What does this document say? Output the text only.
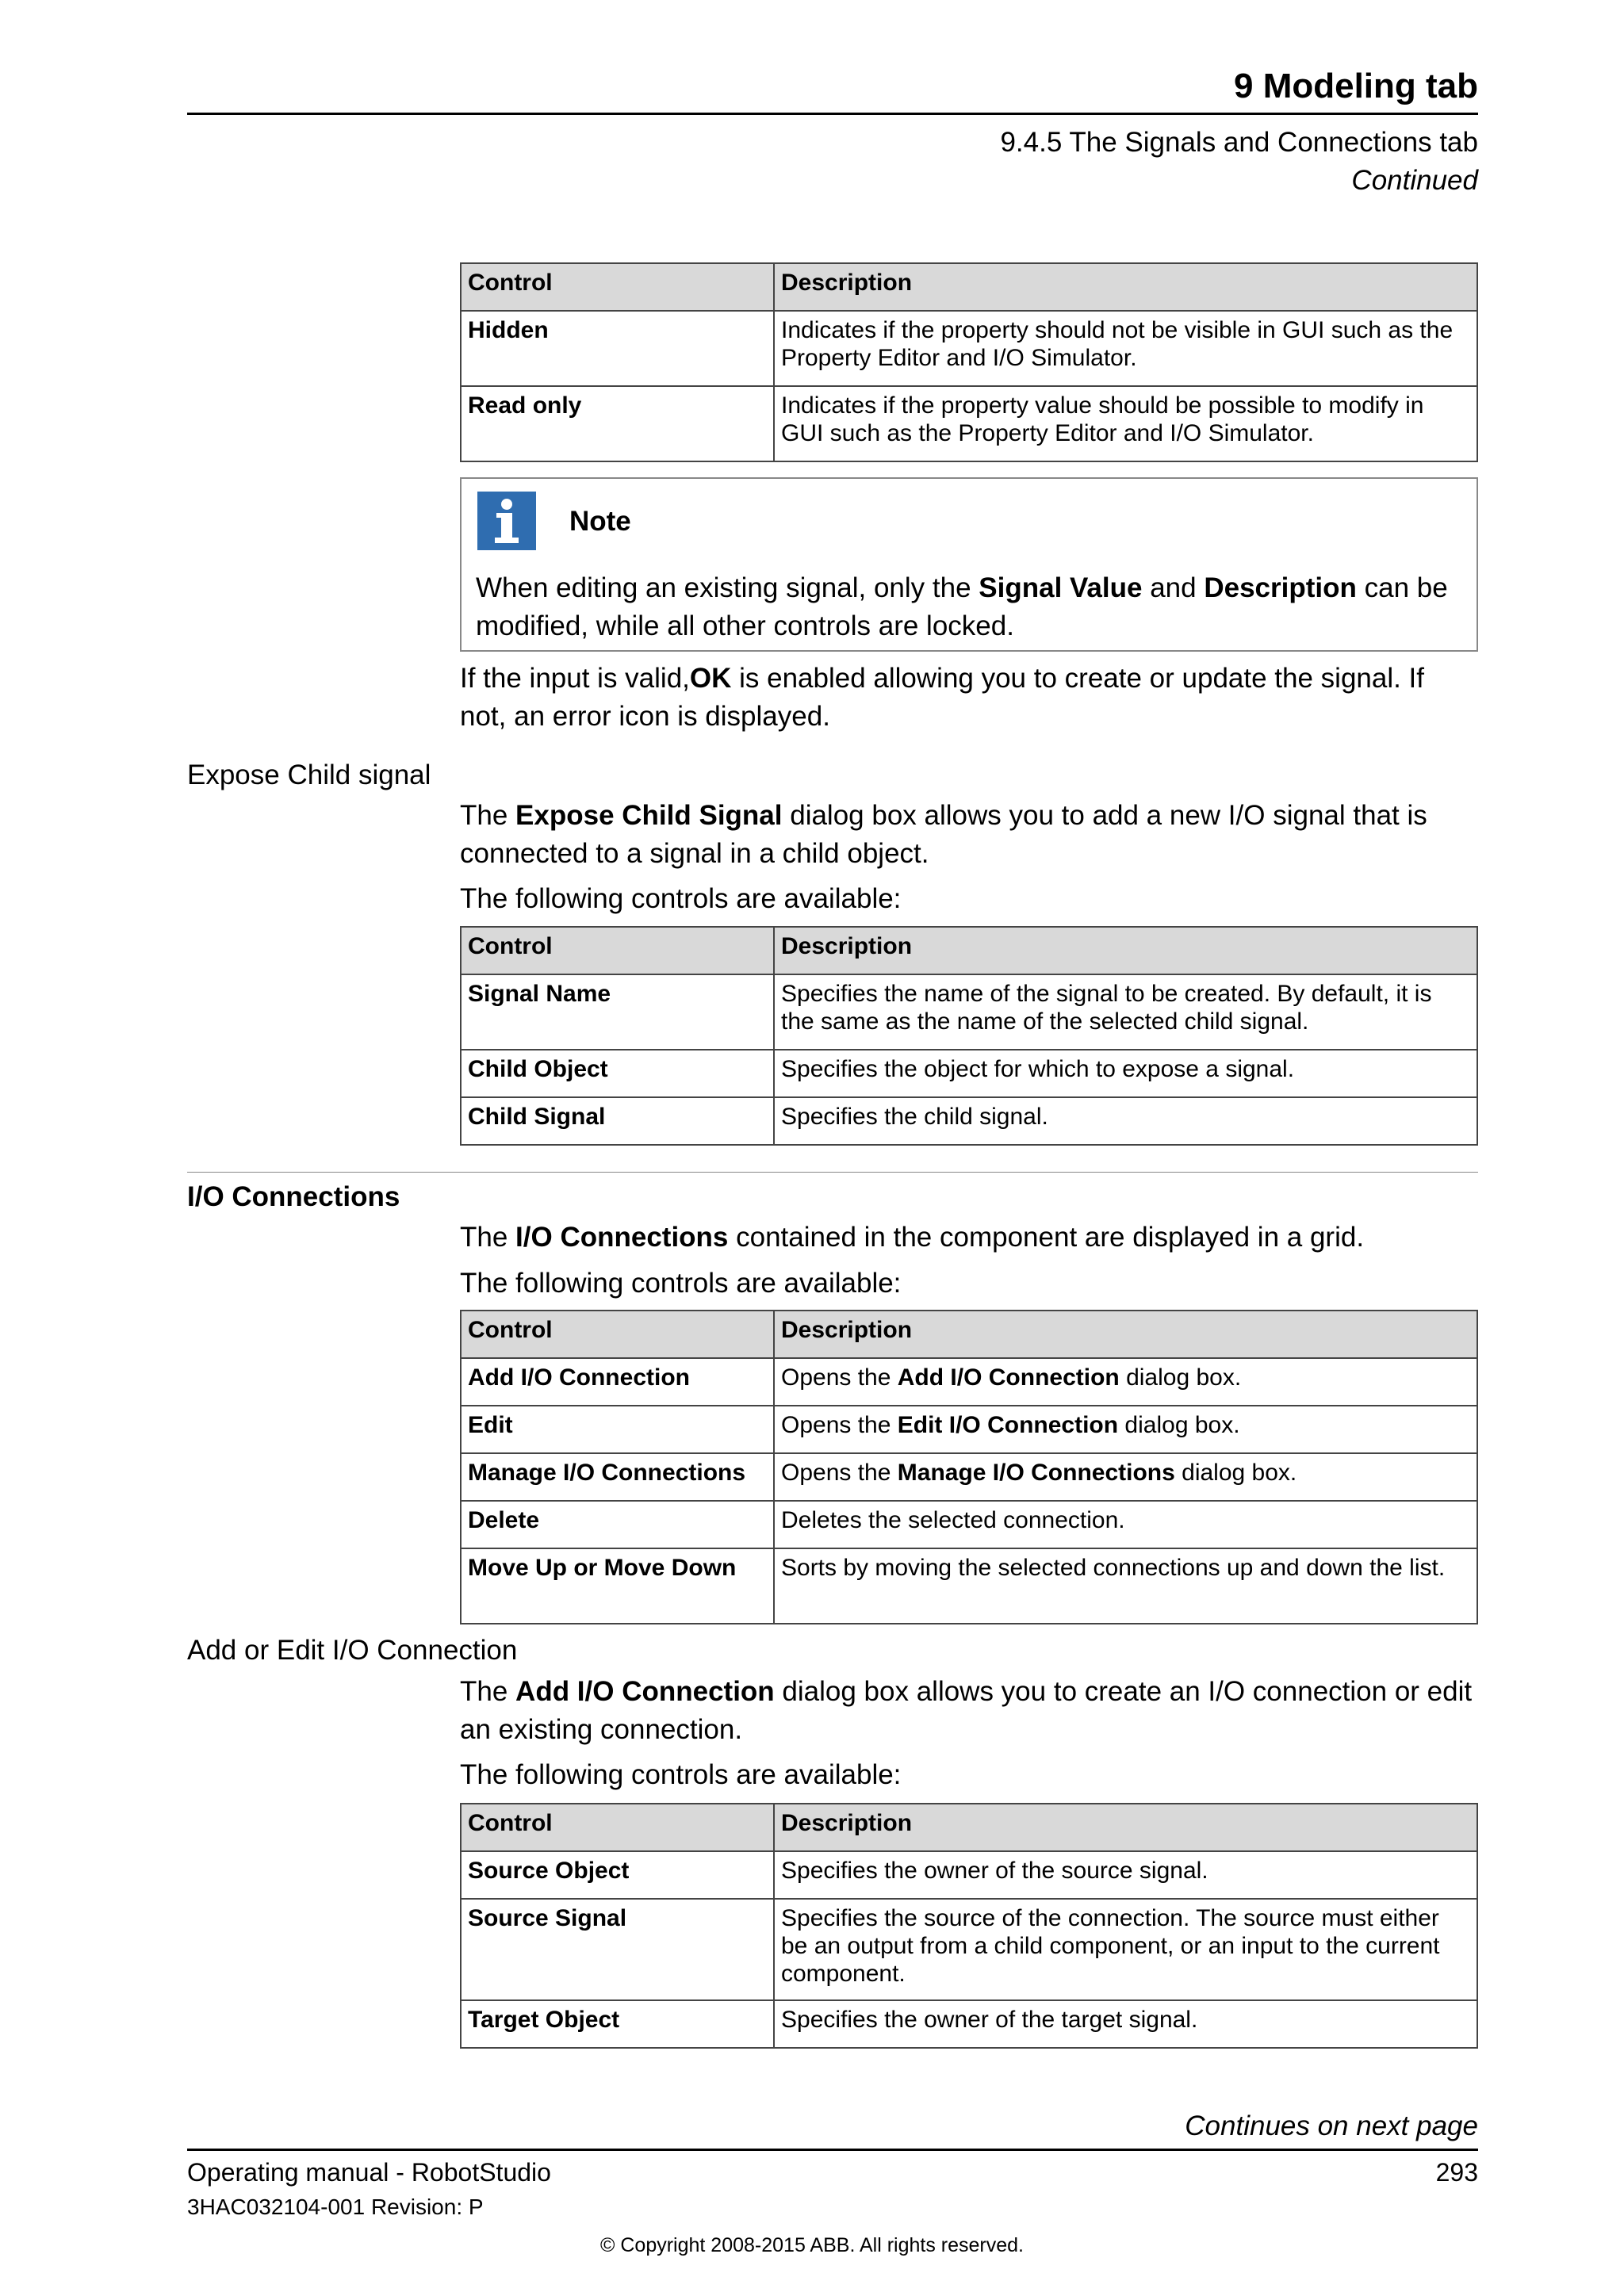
9 Modeling tab
9.4.5 The Signals and Connections tab
Continued
Control	Description
Hidden	Indicates if the property should not be visible in GUI such as the Property Editor and I/O Simulator.
Read only	Indicates if the property value should be possible to modify in GUI such as the Property Editor and I/O Simulator.
Note
When editing an existing signal, only the Signal Value and Description can be modified, while all other controls are locked.
If the input is valid,OK is enabled allowing you to create or update the signal. If not, an error icon is displayed.
Expose Child signal
The Expose Child Signal dialog box allows you to add a new I/O signal that is connected to a signal in a child object.
The following controls are available:
Control	Description
Signal Name	Specifies the name of the signal to be created. By default, it is the same as the name of the selected child signal.
Child Object	Specifies the object for which to expose a signal.
Child Signal	Specifies the child signal.
I/O Connections
The I/O Connections contained in the component are displayed in a grid.
The following controls are available:
Control	Description
Add I/O Connection	Opens the Add I/O Connection dialog box.
Edit	Opens the Edit I/O Connection dialog box.
Manage I/O Connections	Opens the Manage I/O Connections dialog box.
Delete	Deletes the selected connection.
Move Up or Move Down	Sorts by moving the selected connections up and down the list.
Add or Edit I/O Connection
The Add I/O Connection dialog box allows you to create an I/O connection or edit an existing connection.
The following controls are available:
Control	Description
Source Object	Specifies the owner of the source signal.
Source Signal	Specifies the source of the connection. The source must either be an output from a child component, or an input to the current component.
Target Object	Specifies the owner of the target signal.
Continues on next page
Operating manual - RobotStudio	293
3HAC032104-001 Revision: P
© Copyright 2008-2015 ABB. All rights reserved.
